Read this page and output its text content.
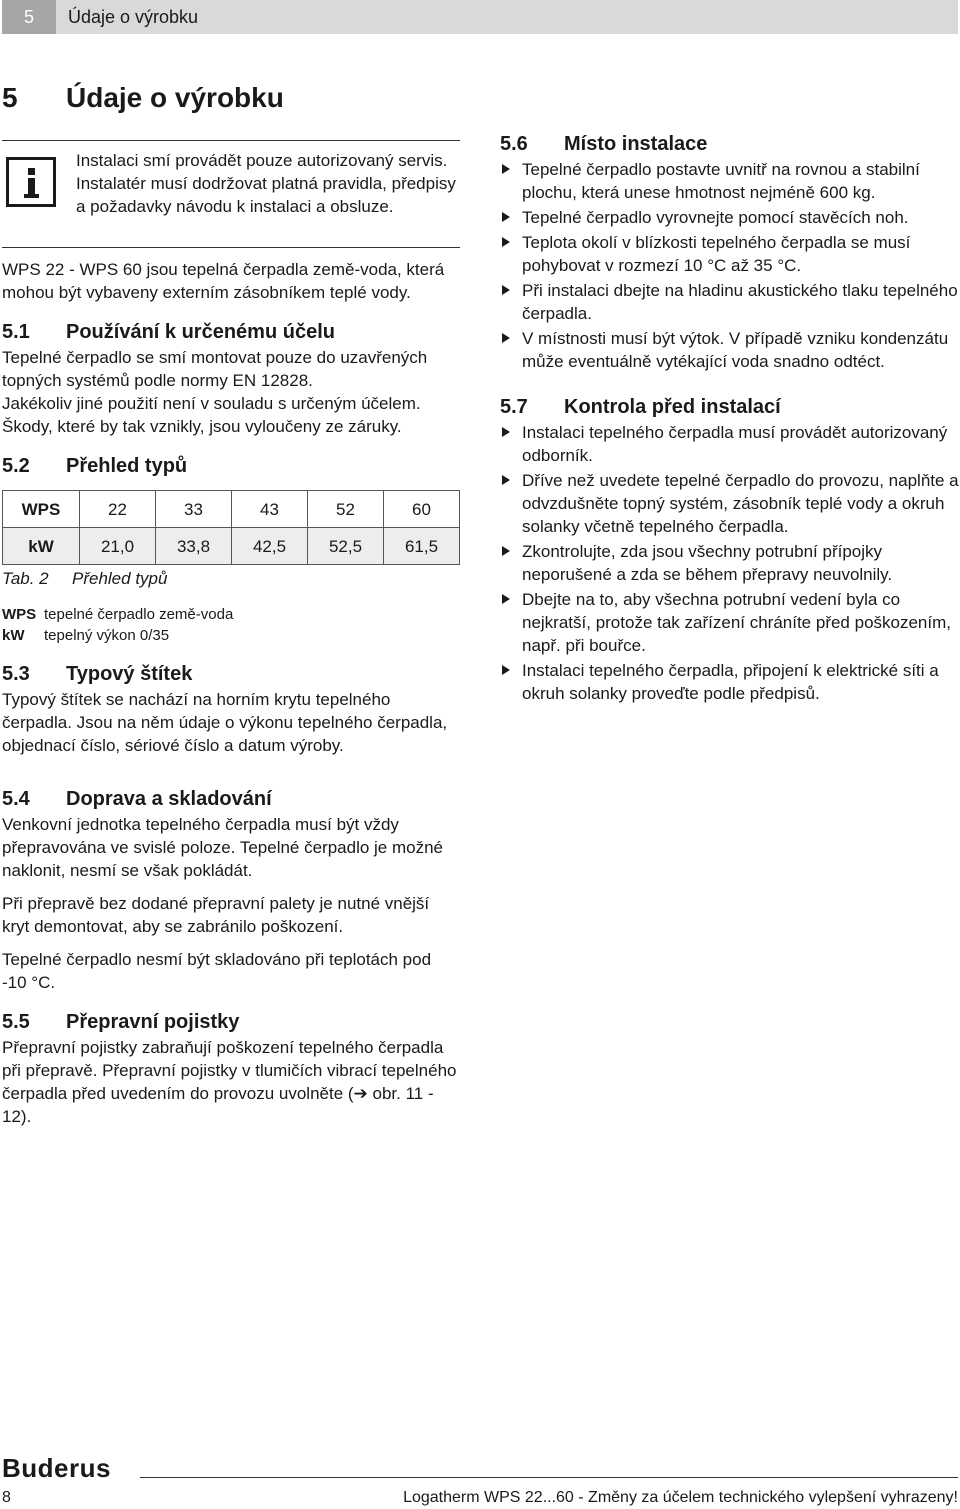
5	Údaje o výrobku
5 Údaje o výrobku
Instalaci smí provádět pouze autorizovaný servis. Instalatér musí dodržovat platná pravidla, předpisy a požadavky návodu k instalaci a obsluze.

WPS 22 - WPS 60 jsou tepelná čerpadla země-voda, která mohou být vybaveny externím zásobníkem teplé vody.

5.1 Používání k určenému účelu

Tepelné čerpadlo se smí montovat pouze do uzavřených topných systémů podle normy EN 12828.

Jakékoliv jiné použití není v souladu s určeným účelem. Škody, které by tak vznikly, jsou vyloučeny ze záruky.

5.2 Přehled typů
WPS	22	33	43	52	60
kW	21,0	33,8	42,5	52,5	61,5
Tab. 2 Přehled typů
WPS tepelné čerpadlo země-voda
kW tepelný výkon 0/35
5.3 Typový štítek

Typový štítek se nachází na horním krytu tepelného čerpadla. Jsou na něm údaje o výkonu tepelného čerpadla, objednací číslo, sériové číslo a datum výroby.

5.4 Doprava a skladování

Venkovní jednotka tepelného čerpadla musí být vždy přepravována ve svislé poloze. Tepelné čerpadlo je možné naklonit, nesmí se však pokládát.

Při přepravě bez dodané přepravní palety je nutné vnější kryt demontovat, aby se zabránilo poškození.

Tepelné čerpadlo nesmí být skladováno při teplotách pod -10 °C.

5.5 Přepravní pojistky

Přepravní pojistky zabraňují poškození tepelného čerpadla při přepravě. Přepravní pojistky v tlumičích vibrací tepelného čerpadla před uvedením do provozu uvolněte (➔ obr. 11 - 12).

5.6 Místo instalace
Tepelné čerpadlo postavte uvnitř na rovnou a stabilní plochu, která unese hmotnost nejméně 600 kg.
Tepelné čerpadlo vyrovnejte pomocí stavěcích noh.
Teplota okolí v blízkosti tepelného čerpadla se musí pohybovat v rozmezí 10 °C až 35 °C.
Při instalaci dbejte na hladinu akustického tlaku tepelného čerpadla.
V místnosti musí být výtok. V případě vzniku kondenzátu může eventuálně vytékající voda snadno odtéct.
5.7 Kontrola před instalací
Instalaci tepelného čerpadla musí provádět autorizovaný odborník.
Dříve než uvedete tepelné čerpadlo do provozu, naplňte a odvzdušněte topný systém, zásobník teplé vody a okruh solanky včetně tepelného čerpadla.
Zkontrolujte, zda jsou všechny potrubní přípojky neporušené a zda se během přepravy neuvolnily.
Dbejte na to, aby všechna potrubní vedení byla co nejkratší, protože tak zařízení chráníte před poškozením, např. při bouřce.
Instalaci tepelného čerpadla, připojení k elektrické síti a okruh solanky proveďte podle předpisů.
Buderus
8	Logatherm WPS 22...60 - Změny za účelem technického vylepšení vyhrazeny!
